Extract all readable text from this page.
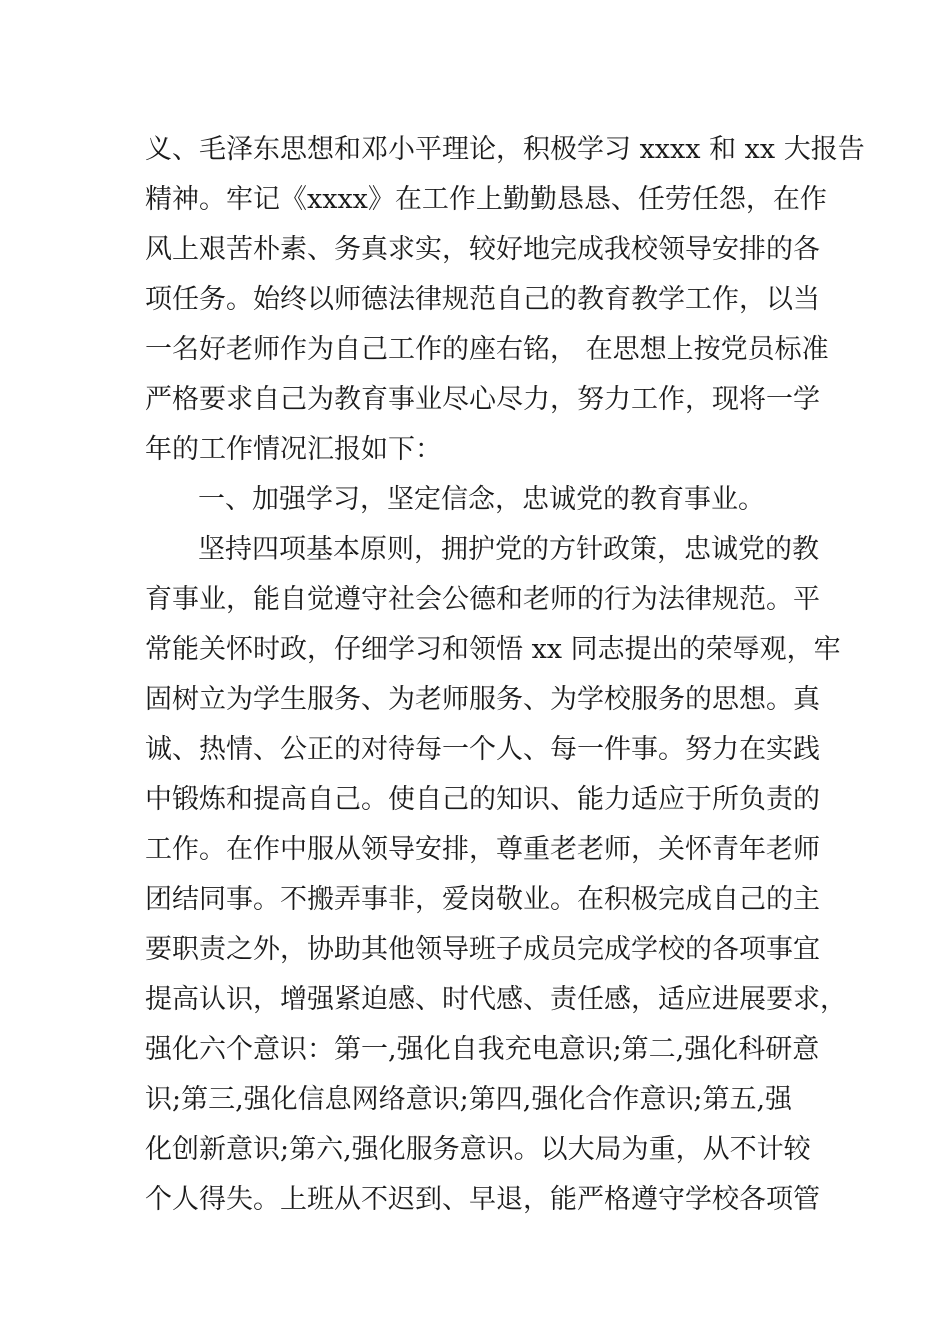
义、毛泽东思想和邓小平理论，积极学习 xxxx 和 xx 大报告

精神。牢记《xxxx》在工作上勤勤恳恳、任劳任怨，在作

风上艰苦朴素、务真求实，较好地完成我校领导安排的各

项任务。始终以师德法律规范自己的教育教学工作，以当

一名好老师作为自己工作的座右铭， 在思想上按党员标准

严格要求自己为教育事业尽心尽力，努力工作，现将一学

年的工作情况汇报如下：

一、加强学习，坚定信念，忠诚党的教育事业。

坚持四项基本原则，拥护党的方针政策，忠诚党的教

育事业，能自觉遵守社会公德和老师的行为法律规范。平

常能关怀时政，仔细学习和领悟 xx 同志提出的荣辱观，牢

固树立为学生服务、为老师服务、为学校服务的思想。真

诚、热情、公正的对待每一个人、每一件事。努力在实践

中锻炼和提高自己。使自己的知识、能力适应于所负责的

工作。在作中服从领导安排，尊重老老师，关怀青年老师

团结同事。不搬弄事非，爱岗敬业。在积极完成自己的主

要职责之外，协助其他领导班子成员完成学校的各项事宜

提高认识，增强紧迫感、时代感、责任感，适应进展要求，

强化六个意识：第一,强化自我充电意识;第二,强化科研意

识;第三,强化信息网络意识;第四,强化合作意识;第五,强

化创新意识;第六,强化服务意识。以大局为重，从不计较

个人得失。上班从不迟到、早退，能严格遵守学校各项管
